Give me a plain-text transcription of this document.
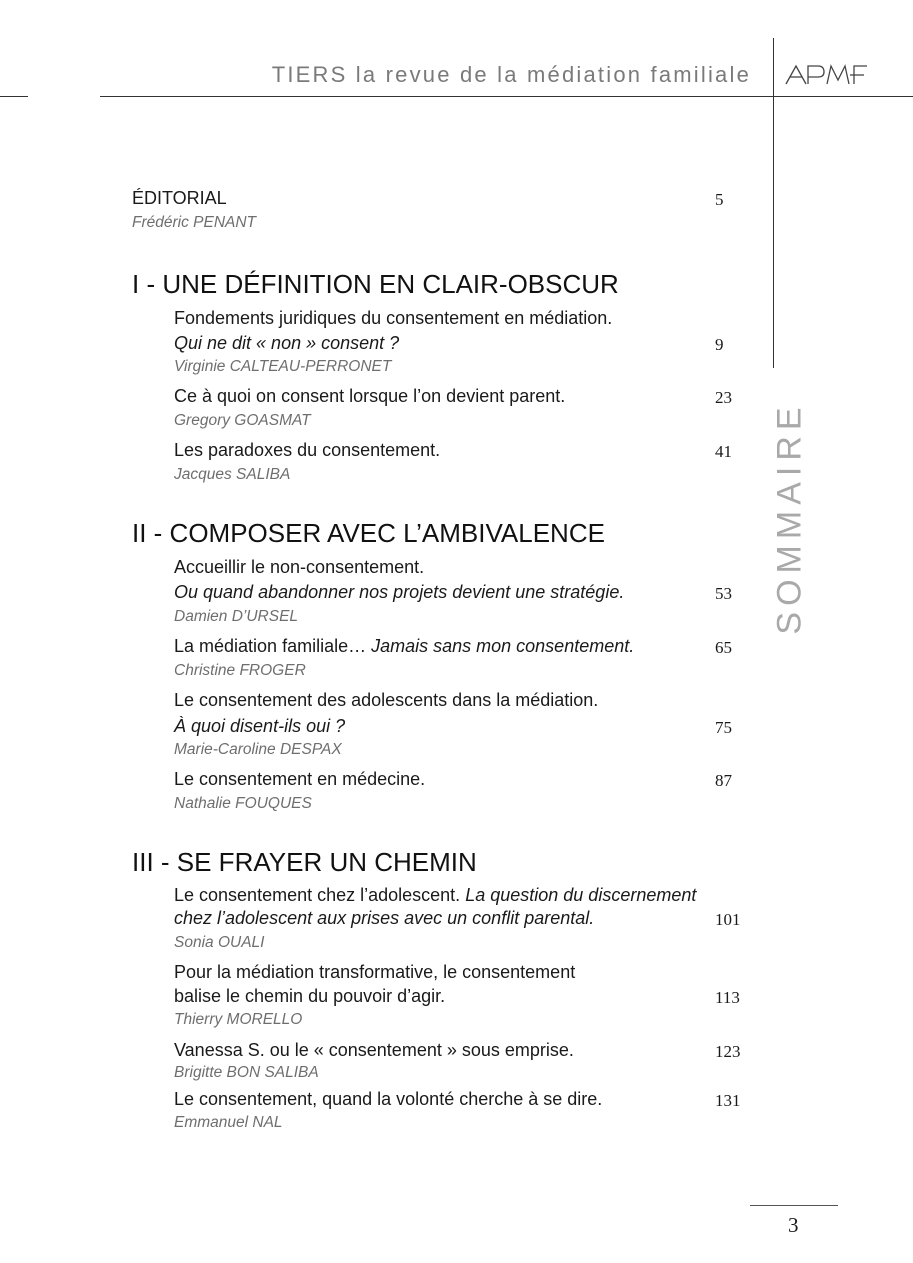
TIERS la revue de la médiation familiale
SOMMAIRE
ÉDITORIAL	5
Frédéric PENANT
I - UNE DÉFINITION EN CLAIR-OBSCUR
Fondements juridiques du consentement en médiation.
Qui ne dit « non » consent ?	9
Virginie CALTEAU-PERRONET
Ce à quoi on consent lorsque l’on devient parent.	23
Gregory GOASMAT
Les paradoxes du consentement.	41
Jacques SALIBA
II - COMPOSER AVEC L’AMBIVALENCE
Accueillir le non-consentement.
Ou quand abandonner nos projets devient une stratégie.	53
Damien D’URSEL
La médiation familiale… Jamais sans mon consentement.	65
Christine FROGER
Le consentement des adolescents dans la médiation.
À quoi disent-ils oui ?	75
Marie-Caroline DESPAX
Le consentement en médecine.	87
Nathalie FOUQUES
III - SE FRAYER UN CHEMIN
Le consentement chez l’adolescent. La question du discernement
chez l’adolescent aux prises avec un conflit parental.	101
Sonia OUALI
Pour la médiation transformative, le consentement
balise le chemin du pouvoir d’agir.	113
Thierry MORELLO
Vanessa S. ou le « consentement » sous emprise.	123
Brigitte BON SALIBA
Le consentement, quand la volonté cherche à se dire.	131
Emmanuel NAL
3
